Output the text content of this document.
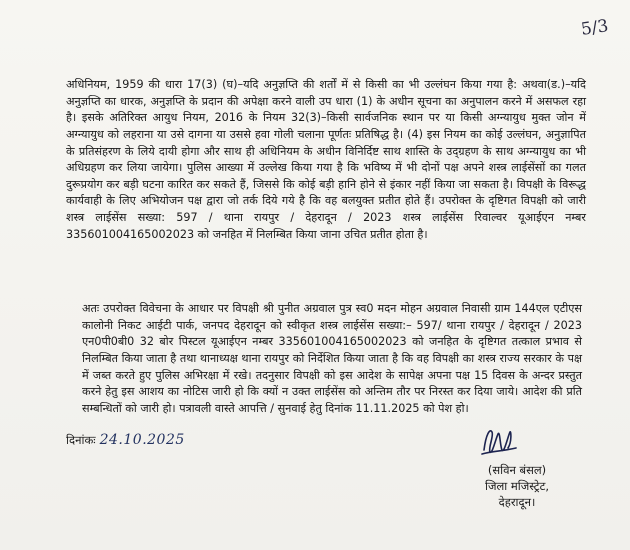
5/3

अधिनियम, 1959 की धारा 17(3) (घ)–यदि अनुज्ञप्ति की शर्तों में से किसी का भी उल्लंघन किया गया है: अथवा(ड.)–यदि अनुज्ञप्ति का धारक, अनुज्ञप्ति के प्रदान की अपेक्षा करने वाली उप धारा (1) के अधीन सूचना का अनुपालन करने में असफल रहा है। इसके अतिरिक्त आयुध नियम, 2016 के नियम 32(3)–किसी सार्वजनिक स्थान पर या किसी अग्न्यायुध मुक्त जोन में अग्न्यायुध को लहराना या उसे दागना या उससे हवा गोली चलाना पूर्णतः प्रतिषिद्ध है। (4) इस नियम का कोई उल्लंघन, अनुज्ञापित के प्रतिसंहरण के लिये दायी होगा और साथ ही अधिनियम के अधीन विनिर्दिष्ट साथ शास्ति के उद्ग्रहण के साथ अग्न्यायुध का भी अधिग्रहण कर लिया जायेगा। पुलिस आख्या में उल्लेख किया गया है कि भविष्य में भी दोनों पक्ष अपने शस्त्र लाईसेंसों का गलत दुरूप्रयोग कर बड़ी घटना कारित कर सकते हैं, जिससे कि कोई बड़ी हानि होने से इंकार नहीं किया जा सकता है। विपक्षी के विरूद्ध कार्यवाही के लिए अभियोजन पक्ष द्वारा जो तर्क दिये गये है कि वह बलयुक्त प्रतीत होते हैं। उपरोक्त के दृष्टिगत विपक्षी को जारी शस्त्र लाईसेंस सख्या: 597 / थाना रायपुर / देहरादून / 2023 शस्त्र लाईसेंस रिवाल्वर यूआईएन नम्बर 335601004165002023 को जनहित में निलम्बित किया जाना उचित प्रतीत होता है।

अतः उपरोक्त विवेचना के आधार पर विपक्षी श्री पुनीत अग्रवाल पुत्र स्व0 मदन मोहन अग्रवाल निवासी ग्राम 144एल एटीएस कालोनी निकट आईटी पार्क, जनपद देहरादून को स्वीकृत शस्त्र लाईसेंस सख्या:– 597/ थाना रायपुर / देहरादून / 2023 एन0पी0बी0 32 बोर पिस्टल यूआईएन नम्बर 335601004165002023 को जनहित के दृष्टिगत तत्काल प्रभाव से निलम्बित किया जाता है तथा थानाध्यक्ष थाना रायपुर को निर्देशित किया जाता है कि वह विपक्षी का शस्त्र राज्य सरकार के पक्ष में जब्त करते हुए पुलिस अभिरक्षा में रखे। तदनुसार विपक्षी को इस आदेश के सापेक्ष अपना पक्ष 15 दिवस के अन्दर प्रस्तुत करने हेतु इस आशय का नोटिस जारी हो कि क्यों न उक्त लाईसेंस को अन्तिम तौर पर निरस्त कर दिया जाये। आदेश की प्रति सम्बन्धितों को जारी हो। पत्रावली वास्ते आपत्ति / सुनवाई हेतु दिनांक 11.11.2025 को पेश हो।

दिनांकः 24.10.2025
(सविन बंसल)
जिला मजिस्ट्रेट,
देहरादून।
